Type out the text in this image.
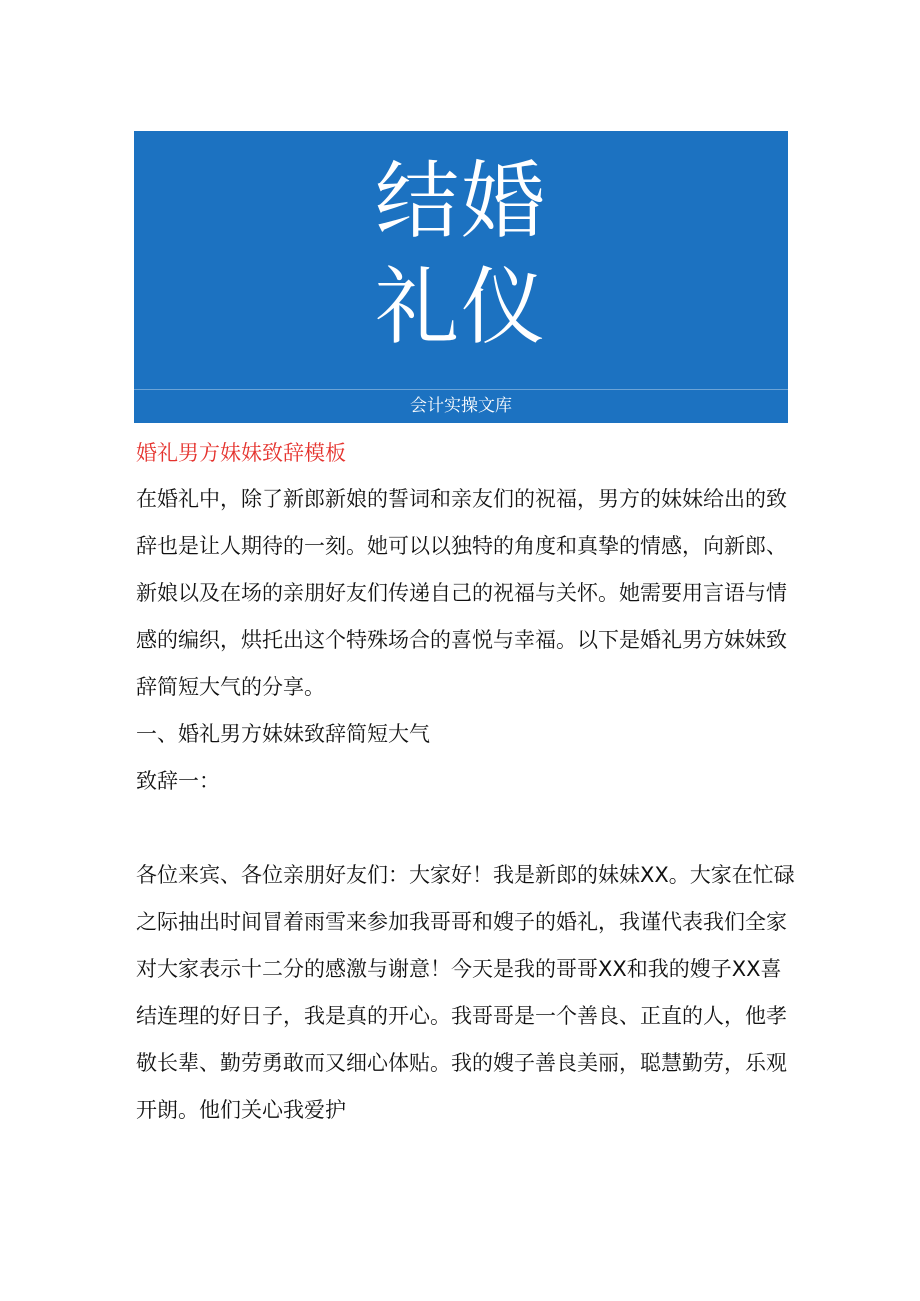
结婚
礼仪
会计实操文库
婚礼男方妹妹致辞模板

在婚礼中，除了新郎新娘的誓词和亲友们的祝福，男方的妹妹给出的致辞也是让人期待的一刻。她可以以独特的角度和真挚的情感，向新郎、新娘以及在场的亲朋好友们传递自己的祝福与关怀。她需要用言语与情感的编织，烘托出这个特殊场合的喜悦与幸福。以下是婚礼男方妹妹致辞简短大气的分享。

一、婚礼男方妹妹致辞简短大气

致辞一：

各位来宾、各位亲朋好友们：大家好！我是新郎的妹妹XX。大家在忙碌之际抽出时间冒着雨雪来参加我哥哥和嫂子的婚礼，我谨代表我们全家对大家表示十二分的感激与谢意！今天是我的哥哥XX和我的嫂子XX喜结连理的好日子，我是真的开心。我哥哥是一个善良、正直的人，他孝敬长辈、勤劳勇敢而又细心体贴。我的嫂子善良美丽，聪慧勤劳，乐观开朗。他们关心我爱护
